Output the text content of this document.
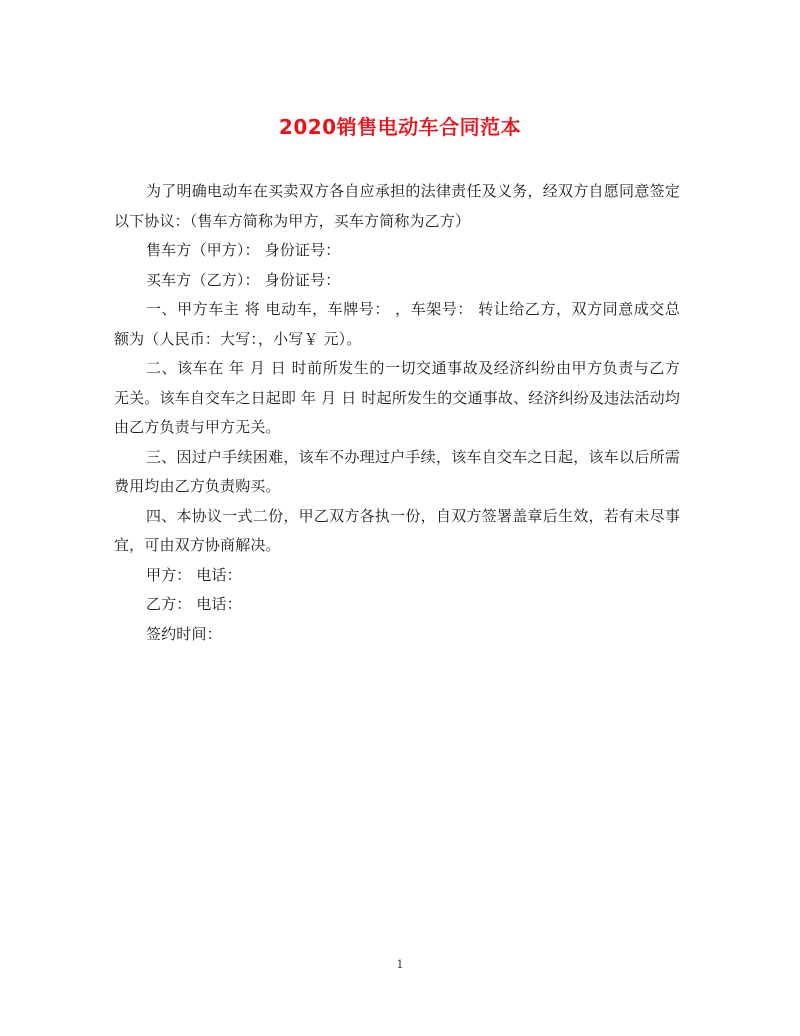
2020销售电动车合同范本

为了明确电动车在买卖双方各自应承担的法律责任及义务，经双方自愿同意签定以下协议：（售车方简称为甲方，买车方简称为乙方）

售车方（甲方）： 身份证号：

买车方（乙方）： 身份证号：

一、甲方车主 将 电动车，车牌号： ，车架号： 转让给乙方，双方同意成交总额为（人民币：大写：，小写￥ 元）。

二、该车在 年 月 日 时前所发生的一切交通事故及经济纠纷由甲方负责与乙方无关。该车自交车之日起即 年 月 日 时起所发生的交通事故、经济纠纷及违法活动均由乙方负责与甲方无关。

三、因过户手续困难，该车不办理过户手续，该车自交车之日起，该车以后所需费用均由乙方负责购买。

四、本协议一式二份，甲乙双方各执一份，自双方签署盖章后生效，若有未尽事宜，可由双方协商解决。

甲方： 电话：

乙方： 电话：

签约时间：

1
